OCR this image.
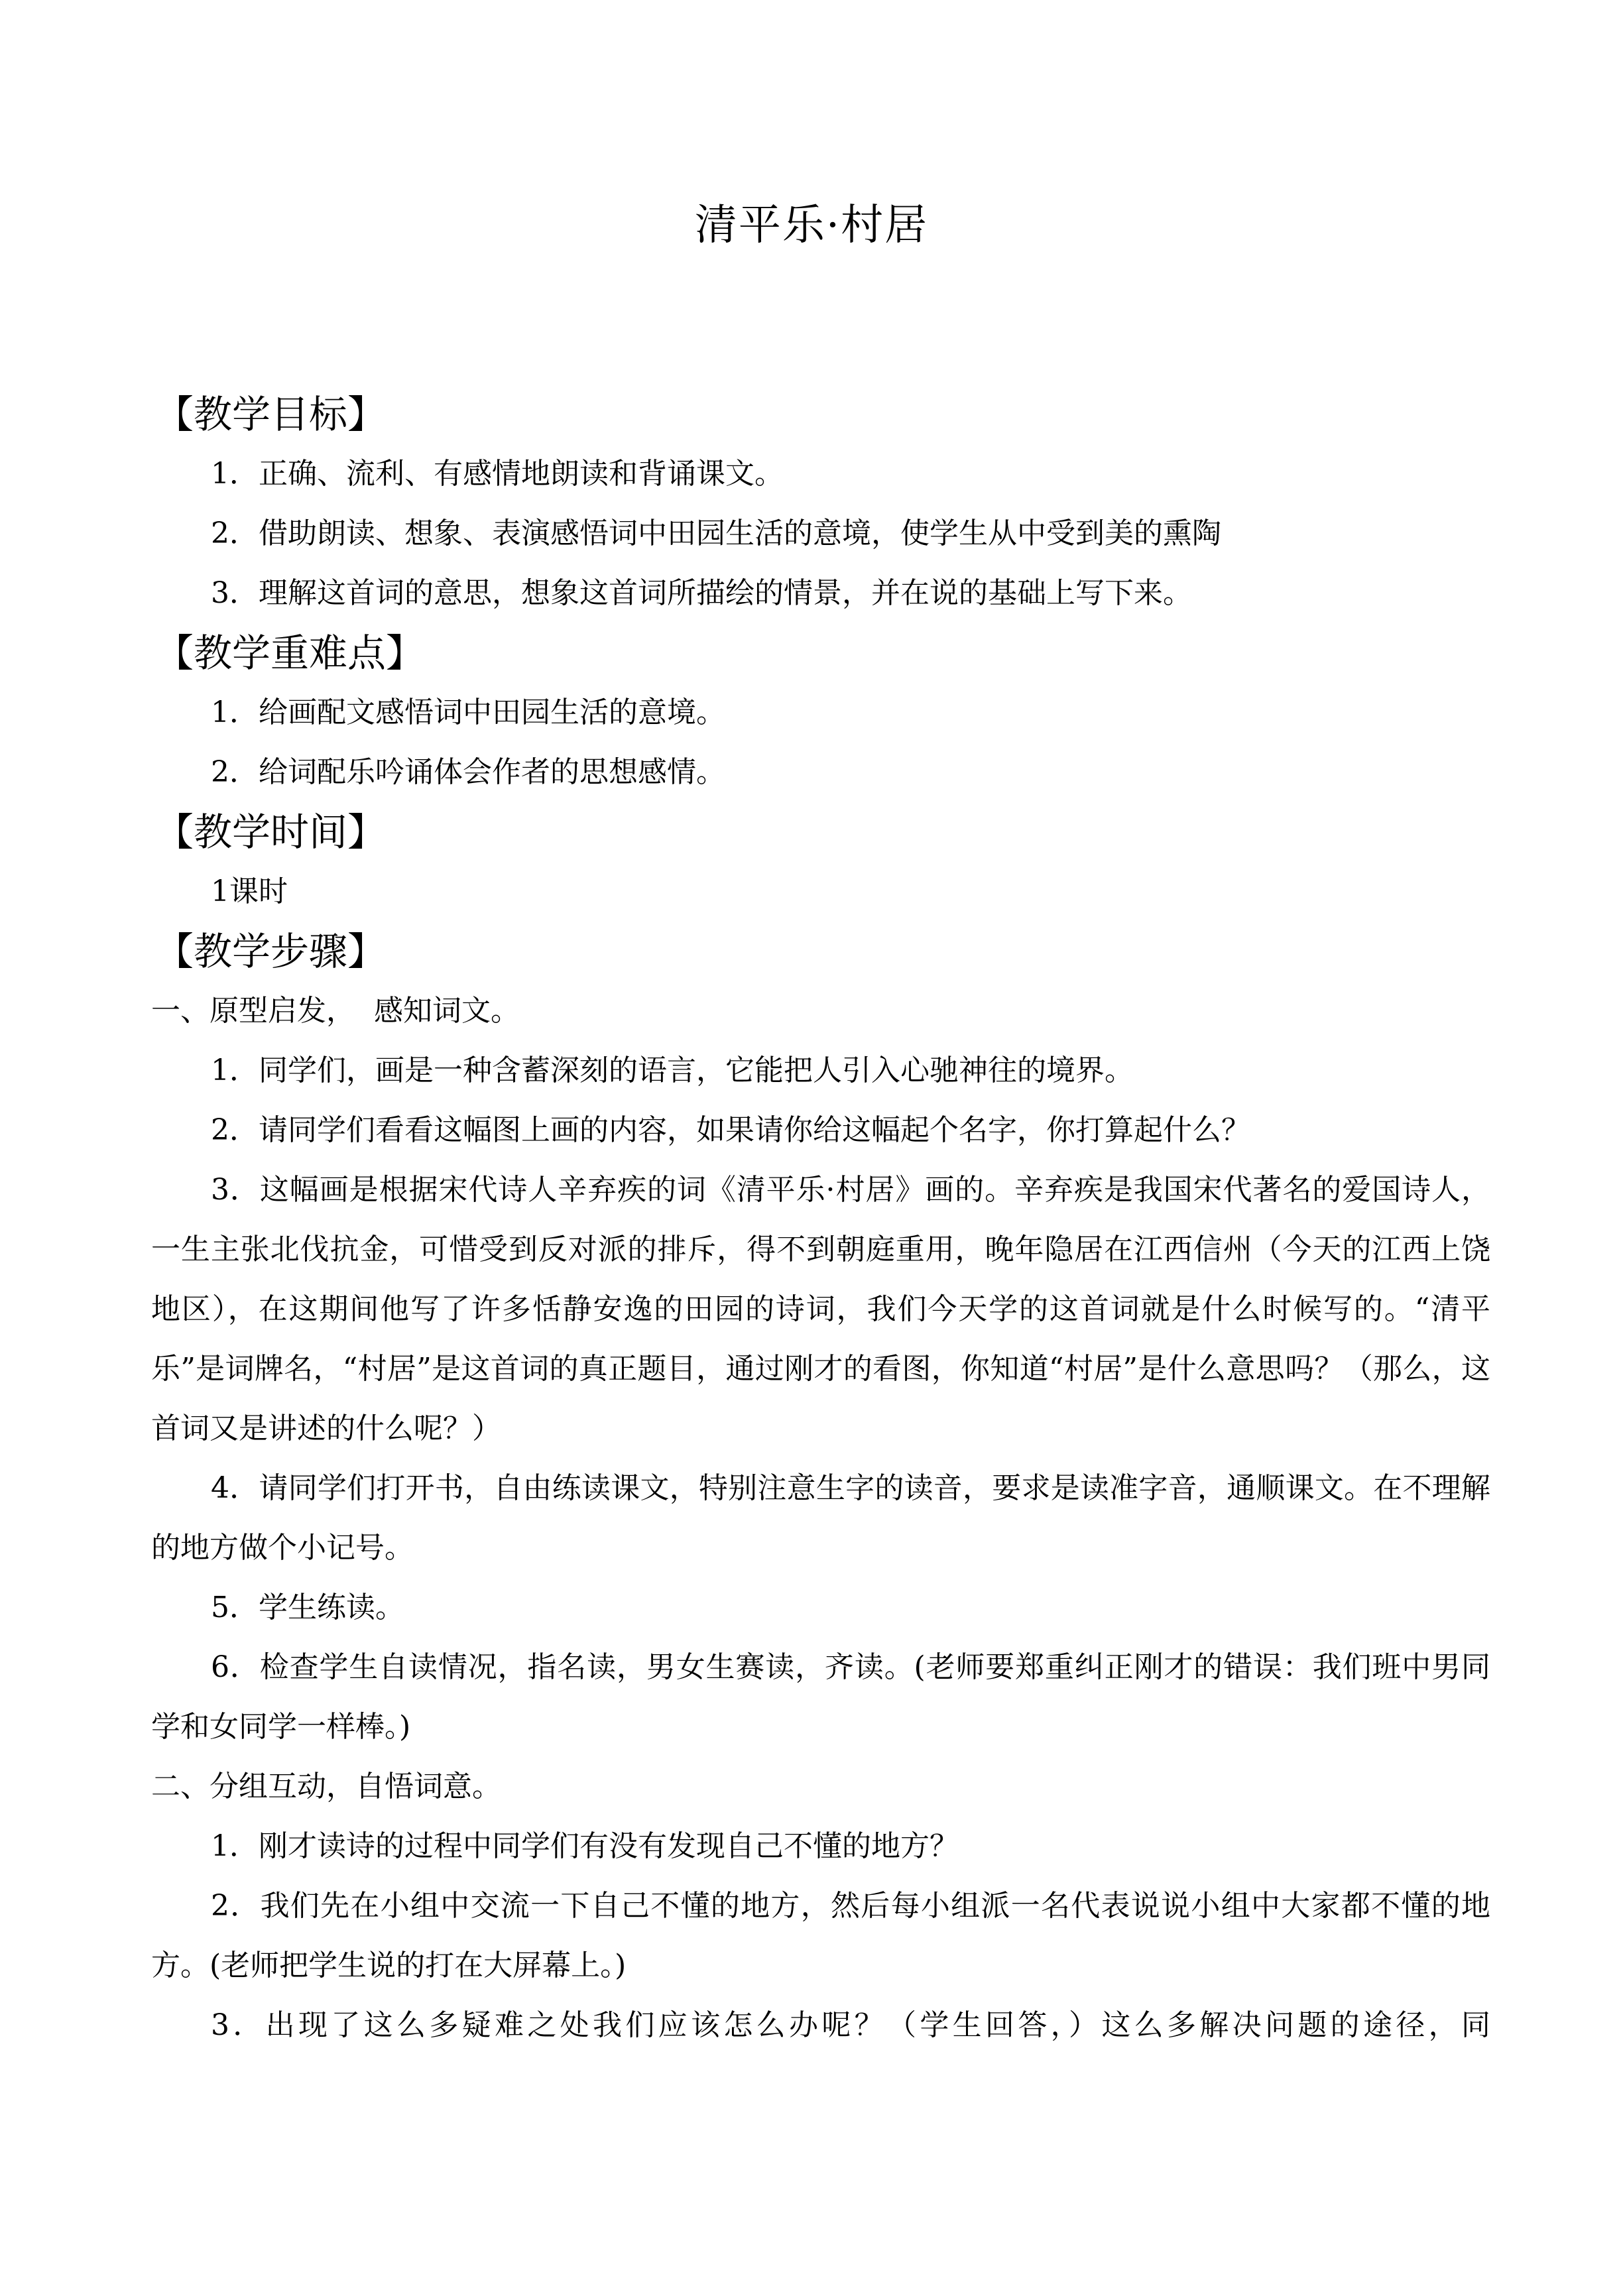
清平乐·村居
【教学目标】
1．正确、流利、有感情地朗读和背诵课文。
2．借助朗读、想象、表演感悟词中田园生活的意境，使学生从中受到美的熏陶
3．理解这首词的意思，想象这首词所描绘的情景，并在说的基础上写下来。
【教学重难点】
1．给画配文感悟词中田园生活的意境。
2．给词配乐吟诵体会作者的思想感情。
【教学时间】
1课时
【教学步骤】
一、原型启发，  感知词文。
1．同学们，画是一种含蓄深刻的语言，它能把人引入心驰神往的境界。
2．请同学们看看这幅图上画的内容，如果请你给这幅起个名字，你打算起什么？
3．这幅画是根据宋代诗人辛弃疾的词《清平乐·村居》画的。辛弃疾是我国宋代著名的爱国诗人，一生主张北伐抗金，可惜受到反对派的排斥，得不到朝庭重用，晚年隐居在江西信州（今天的江西上饶地区），在这期间他写了许多恬静安逸的田园的诗词，我们今天学的这首词就是什么时候写的。“清平乐”是词牌名，“村居”是这首词的真正题目，通过刚才的看图，你知道“村居”是什么意思吗？（那么，这首词又是讲述的什么呢？）
4．请同学们打开书，自由练读课文，特别注意生字的读音，要求是读准字音，通顺课文。在不理解的地方做个小记号。
5．学生练读。
6．检查学生自读情况，指名读，男女生赛读，齐读。(老师要郑重纠正刚才的错误：我们班中男同学和女同学一样棒。)
二、分组互动，自悟词意。
1．刚才读诗的过程中同学们有没有发现自己不懂的地方？
2．我们先在小组中交流一下自己不懂的地方，然后每小组派一名代表说说小组中大家都不懂的地方。(老师把学生说的打在大屏幕上。)
3．出现了这么多疑难之处我们应该怎么办呢？（学生回答，）这么多解决问题的途径，同
